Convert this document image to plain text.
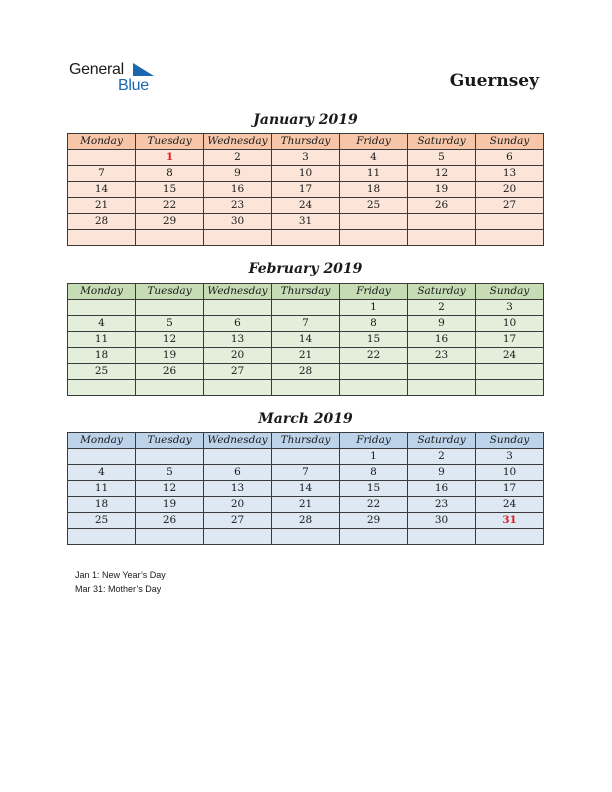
General
Blue	Guernsey
January 2019
Monday	Tuesday	Wednesday	Thursday	Friday	Saturday	Sunday
	1	2	3	4	5	6
7	8	9	10	11	12	13
14	15	16	17	18	19	20
21	22	23	24	25	26	27
28	29	30	31			

February 2019
Monday	Tuesday	Wednesday	Thursday	Friday	Saturday	Sunday
				1	2	3
4	5	6	7	8	9	10
11	12	13	14	15	16	17
18	19	20	21	22	23	24
25	26	27	28			

March 2019
Monday	Tuesday	Wednesday	Thursday	Friday	Saturday	Sunday
				1	2	3
4	5	6	7	8	9	10
11	12	13	14	15	16	17
18	19	20	21	22	23	24
25	26	27	28	29	30	31

Jan 1: New Year’s Day
Mar 31: Mother’s Day
